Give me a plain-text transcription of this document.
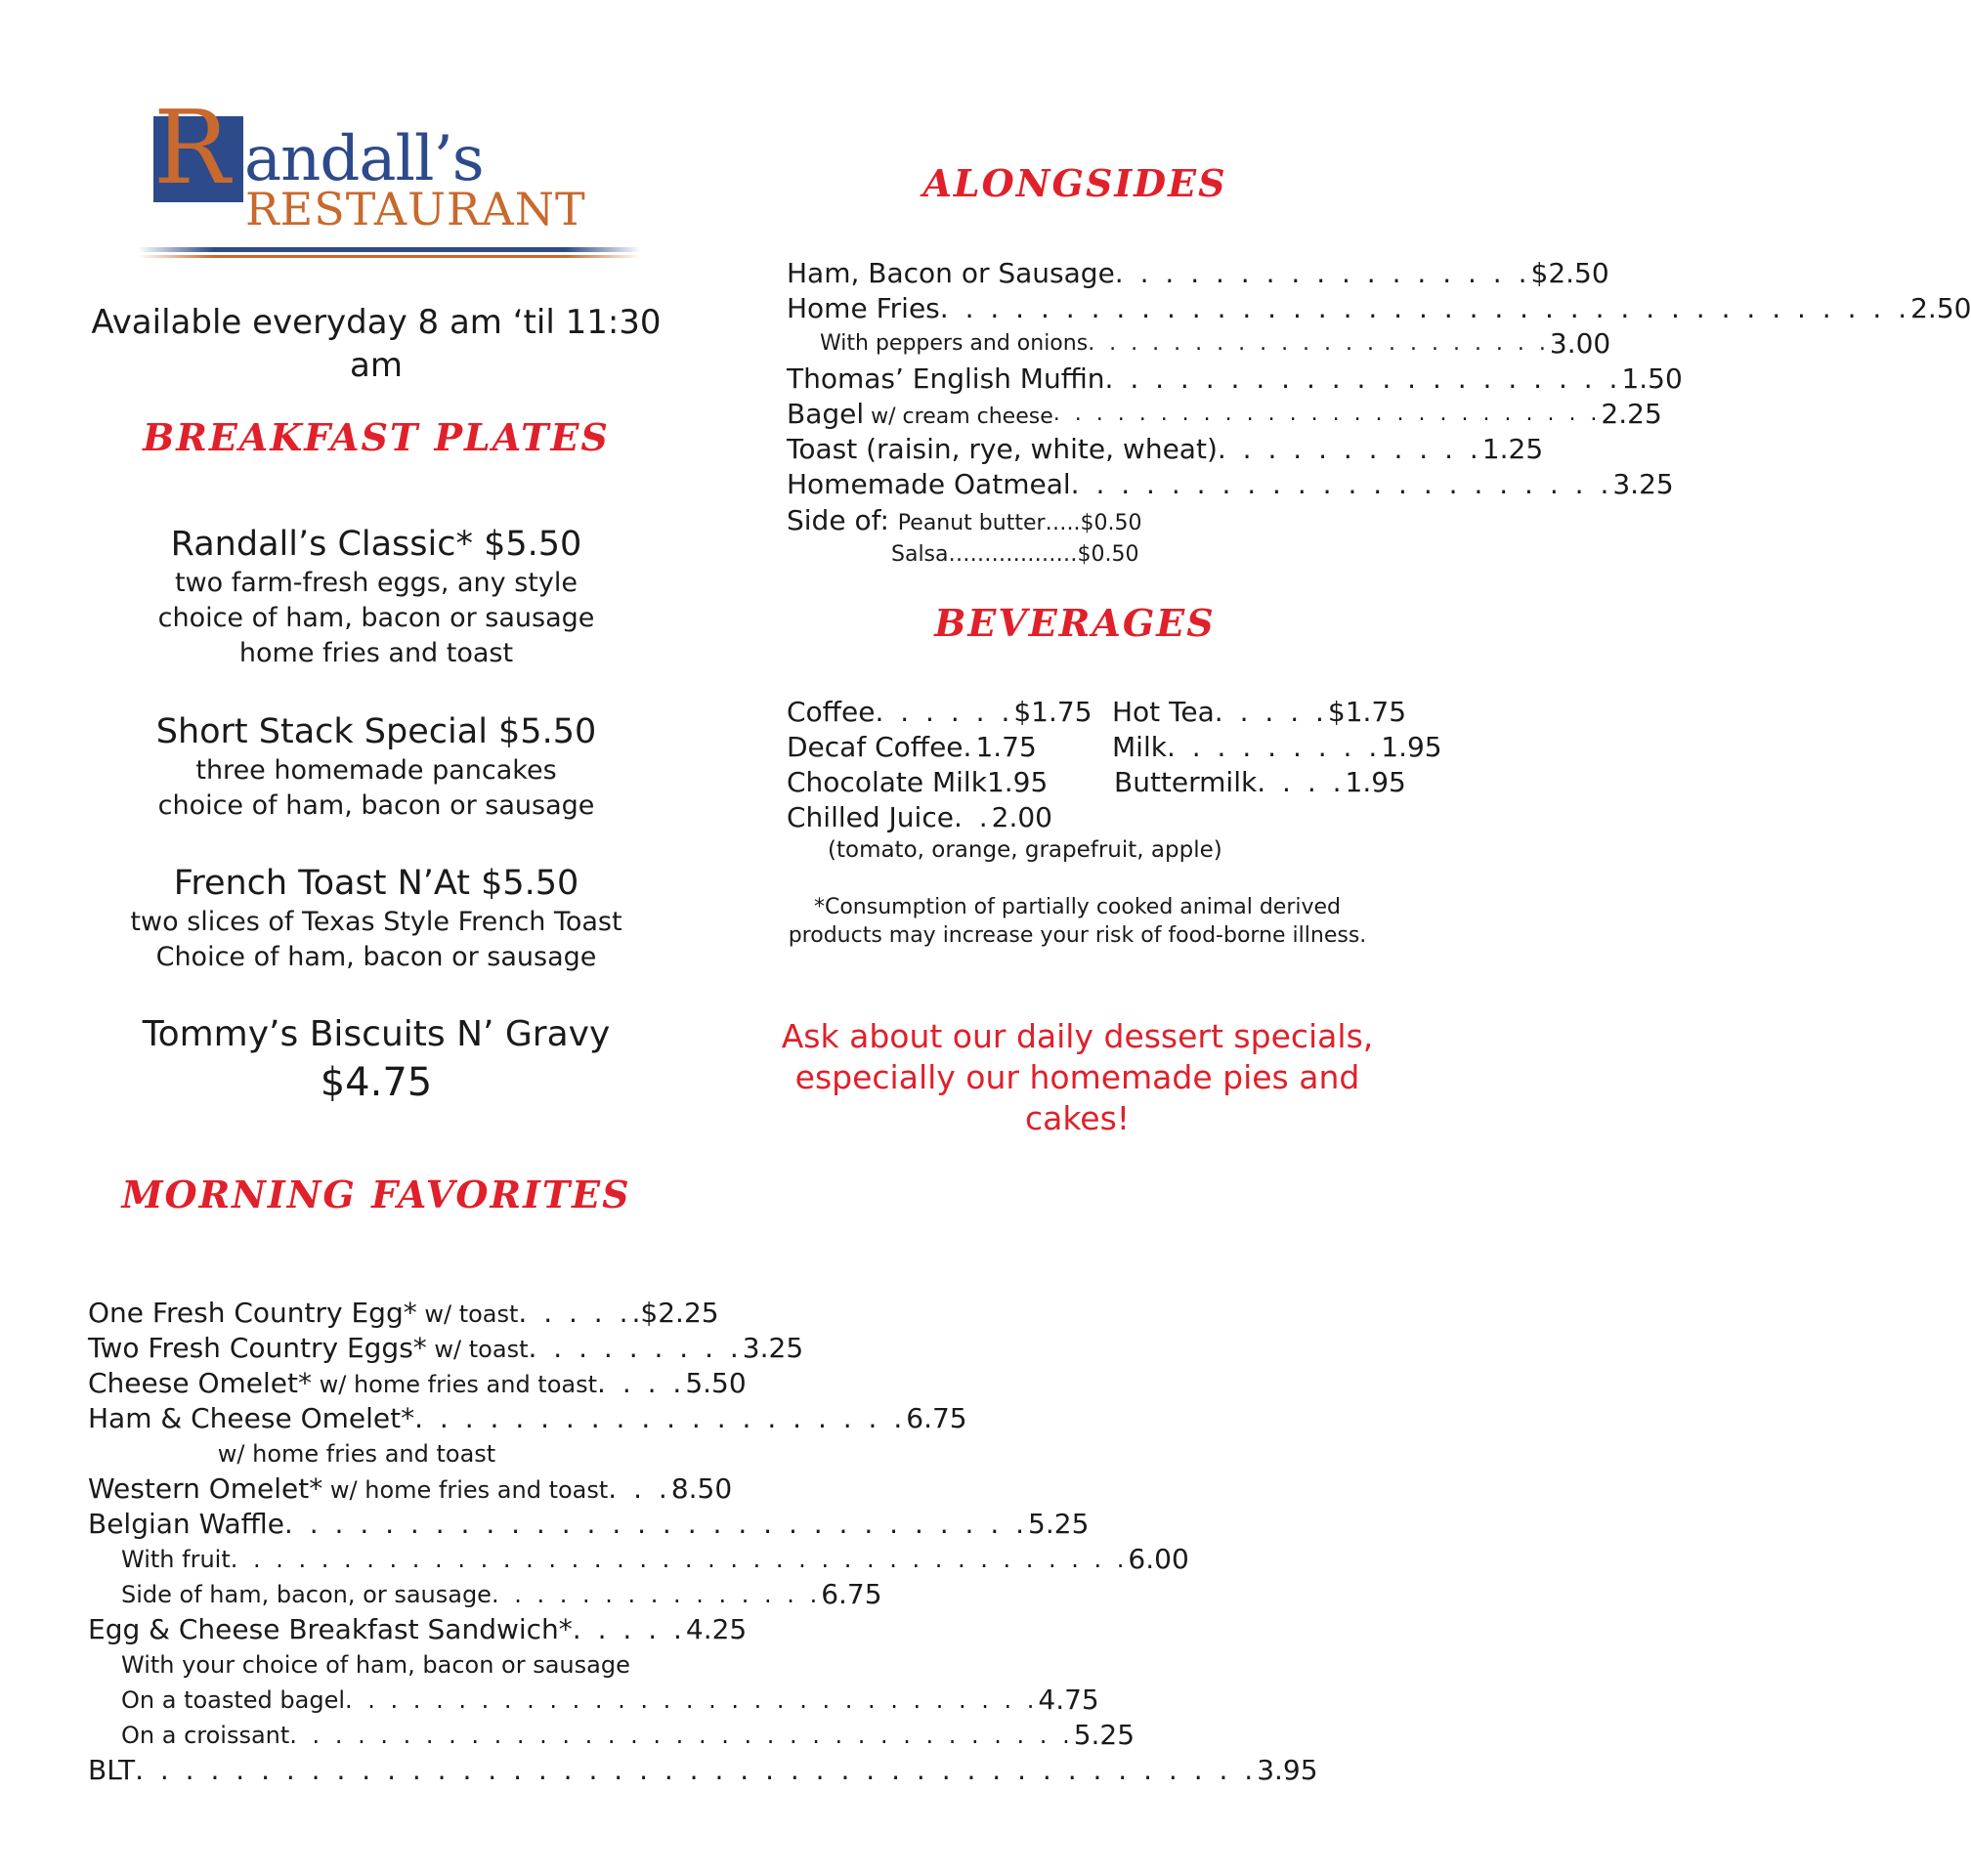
R andall’s
RESTAURANT
Available everyday 8 am ‘til 11:30 am
BREAKFAST PLATES
Randall’s Classic* $5.50
two farm-fresh eggs, any style
choice of ham, bacon or sausage
home fries and toast
Short Stack Special $5.50
three homemade pancakes
choice of ham, bacon or sausage
French Toast N’At $5.50
two slices of Texas Style French Toast
Choice of ham, bacon or sausage
Tommy’s Biscuits N’ Gravy
$4.75
MORNING FAVORITES
One Fresh Country Egg* w/ toast . . . . . .$2.25
Two Fresh Country Eggs* w/ toast . . . . . . . . . 3.25
Cheese Omelet* w/ home fries and toast . . . . 5.50
Ham & Cheese Omelet* . . . . . . . . . . . . . . . . . . . . 6.75
w/ home fries and toast
Western Omelet* w/ home fries and toast . . . 8.50
Belgian Waffle . . . . . . . . . . . . . . . . . . . . . . . . . . . . . . 5.25
With fruit . . . . . . . . . . . . . . . . . . . . . . . . . . . . . . . . . . . . . . . . 6.00
Side of ham, bacon, or sausage . . . . . . . . . . . . . . . 6.75
Egg & Cheese Breakfast Sandwich* . . . . . 4.25
With your choice of ham, bacon or sausage
On a toasted bagel . . . . . . . . . . . . . . . . . . . . . . . . . . . . . . . 4.75
On a croissant . . . . . . . . . . . . . . . . . . . . . . . . . . . . . . . . . . . 5.25
BLT . . . . . . . . . . . . . . . . . . . . . . . . . . . . . . . . . . . . . . . . . . . . . 3.95
ALONGSIDES
Ham, Bacon or Sausage . . . . . . . . . . . . . . . . . $2.50
Home Fries . . . . . . . . . . . . . . . . . . . . . . . . . . . . . . . . . . . . . . . 2.50
With peppers and onions . . . . . . . . . . . . . . . . . . . . . . 3.00
Thomas’ English Muffin . . . . . . . . . . . . . . . . . . . . . 1.50
Bagel w/ cream cheese . . . . . . . . . . . . . . . . . . . . . . . . . . 2.25
Toast (raisin, rye, white, wheat) . . . . . . . . . . . 1.25
Homemade Oatmeal . . . . . . . . . . . . . . . . . . . . . . 3.25
Side of: Peanut butter…..$0.50
Salsa………………$0.50
BEVERAGES
Coffee . . . . . . $1.75
Decaf Coffee . 1.75
Chocolate Milk 1.95
Chilled Juice . . 2.00
Hot Tea . . . . . $1.75
Milk . . . . . . . . . 1.95
Buttermilk . . . . 1.95
(tomato, orange, grapefruit, apple)
*Consumption of partially cooked animal derived products may increase your risk of food-borne illness.
Ask about our daily dessert specials, especially our homemade pies and cakes!
